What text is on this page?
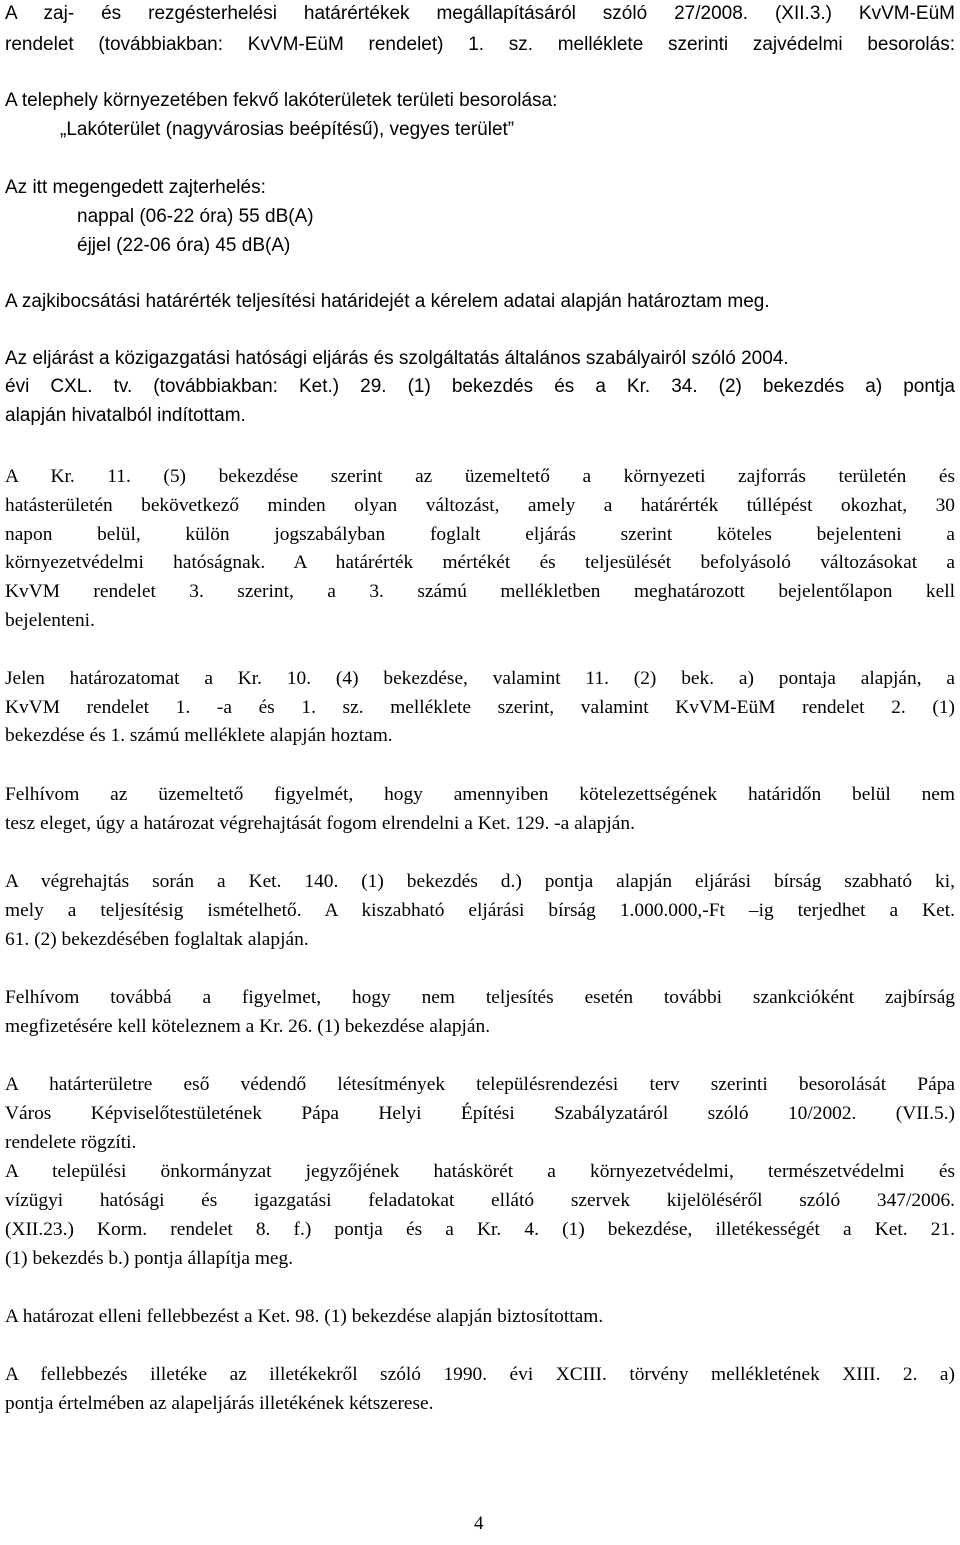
A zaj- és rezgésterhelési határértékek megállapításáról szóló 27/2008. (XII.3.) KvVM-EüM
rendelet (továbbiakban: KvVM-EüM rendelet) 1. sz. melléklete szerinti zajvédelmi besorolás:
A telephely környezetében fekvő lakóterületek területi besorolása:
„Lakóterület (nagyvárosias beépítésű), vegyes terület”
Az itt megengedett zajterhelés:
nappal (06-22 óra) 55 dB(A)
éjjel (22-06 óra) 45 dB(A)
A zajkibocsátási határérték teljesítési határidejét a kérelem adatai alapján határoztam meg.
Az eljárást a közigazgatási hatósági eljárás és szolgáltatás általános szabályairól szóló 2004.
évi CXL. tv. (továbbiakban: Ket.) 29. (1) bekezdés és a Kr. 34. (2) bekezdés a) pontja
alapján hivatalból indítottam.
A Kr. 11. (5) bekezdése szerint az üzemeltető a környezeti zajforrás területén és
hatásterületén bekövetkező minden olyan változást, amely a határérték túllépést okozhat, 30
napon belül, külön jogszabályban foglalt eljárás szerint köteles bejelenteni a
környezetvédelmi hatóságnak. A határérték mértékét és teljesülését befolyásoló változásokat a
KvVM rendelet 3. szerint, a 3. számú mellékletben meghatározott bejelentőlapon kell
bejelenteni.
Jelen határozatomat a Kr. 10. (4) bekezdése, valamint 11. (2) bek. a) pontaja alapján, a
KvVM rendelet 1. -a és 1. sz. melléklete szerint, valamint KvVM-EüM rendelet 2. (1)
bekezdése és 1. számú melléklete alapján hoztam.
Felhívom az üzemeltető figyelmét, hogy amennyiben kötelezettségének határidőn belül nem
tesz eleget, úgy a határozat végrehajtását fogom elrendelni a Ket. 129. -a alapján.
A végrehajtás során a Ket. 140. (1) bekezdés d.) pontja alapján eljárási bírság szabható ki,
mely a teljesítésig ismételhető. A kiszabható eljárási bírság 1.000.000,-Ft –ig terjedhet a Ket.
61. (2) bekezdésében foglaltak alapján.
Felhívom továbbá a figyelmet, hogy nem teljesítés esetén további szankcióként zajbírság
megfizetésére kell köteleznem a Kr. 26. (1) bekezdése alapján.
A határterületre eső védendő létesítmények településrendezési terv szerinti besorolását Pápa
Város Képviselőtestületének Pápa Helyi Építési Szabályzatáról szóló 10/2002. (VII.5.)
rendelete rögzíti.
A települési önkormányzat jegyzőjének hatáskörét a környezetvédelmi, természetvédelmi és
vízügyi hatósági és igazgatási feladatokat ellátó szervek kijelöléséről szóló 347/2006.
(XII.23.) Korm. rendelet 8. f.) pontja és a Kr. 4. (1) bekezdése, illetékességét a Ket. 21.
(1) bekezdés b.) pontja állapítja meg.
A határozat elleni fellebbezést a Ket. 98. (1) bekezdése alapján biztosítottam.
A fellebbezés illetéke az illetékekről szóló 1990. évi XCIII. törvény mellékletének XIII. 2. a)
pontja értelmében az alapeljárás illetékének kétszerese.
4
